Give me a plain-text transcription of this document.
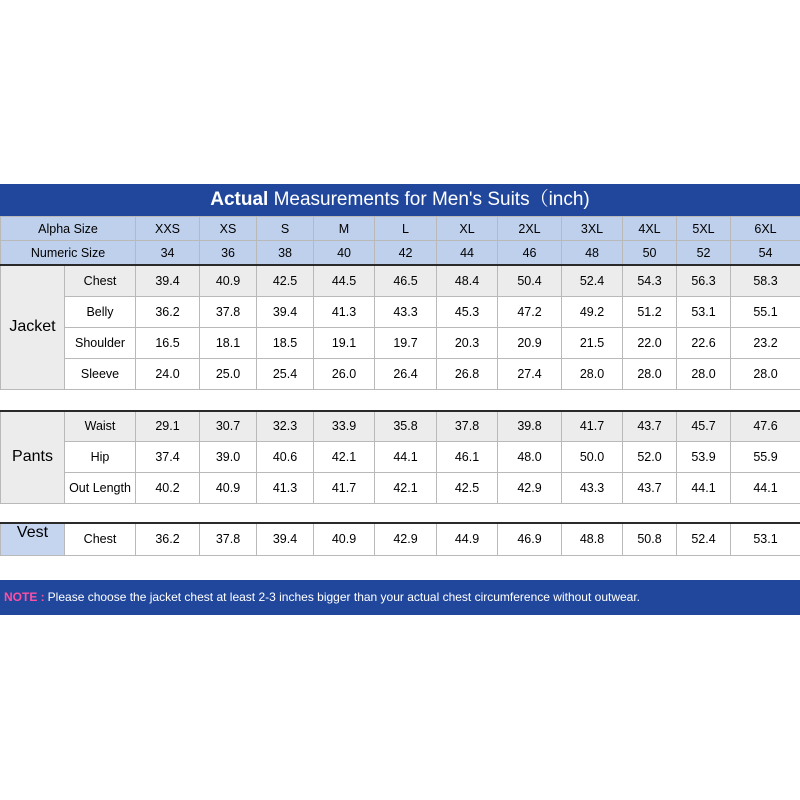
Actual Measurements for Men's Suits（inch)
Alpha Size		XXS	XS	S	M	L	XL	2XL	3XL	4XL	5XL	6XL
Numeric Size		34	36	38	40	42	44	46	48	50	52	54
Jacket	Chest	39.4	40.9	42.5	44.5	46.5	48.4	50.4	52.4	54.3	56.3	58.3
	Belly	36.2	37.8	39.4	41.3	43.3	45.3	47.2	49.2	51.2	53.1	55.1
	Shoulder	16.5	18.1	18.5	19.1	19.7	20.3	20.9	21.5	22.0	22.6	23.2
	Sleeve	24.0	25.0	25.4	26.0	26.4	26.8	27.4	28.0	28.0	28.0	28.0

Pants	Waist	29.1	30.7	32.3	33.9	35.8	37.8	39.8	41.7	43.7	45.7	47.6
	Hip	37.4	39.0	40.6	42.1	44.1	46.1	48.0	50.0	52.0	53.9	55.9
	Out Length	40.2	40.9	41.3	41.7	42.1	42.5	42.9	43.3	43.7	44.1	44.1

Vest	Chest	36.2	37.8	39.4	40.9	42.9	44.9	46.9	48.8	50.8	52.4	53.1

NOTE : Please choose the jacket chest at least 2-3 inches bigger than your actual chest circumference without outwear.
